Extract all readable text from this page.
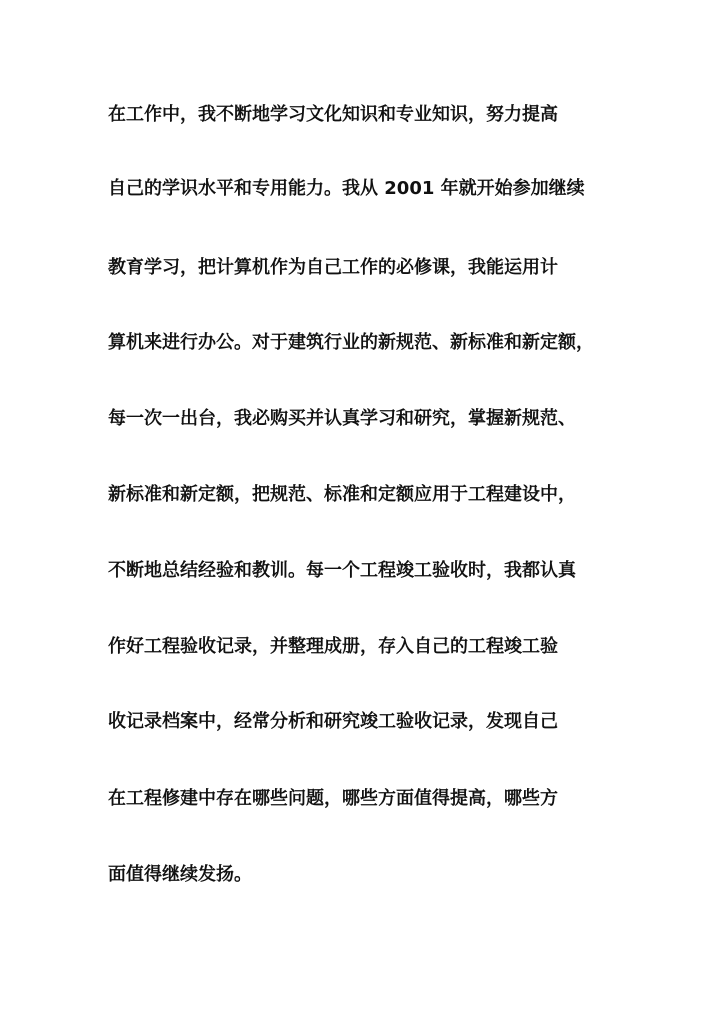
在工作中，我不断地学习文化知识和专业知识，努力提高
自己的学识水平和专用能力。我从 2001 年就开始参加继续
教育学习，把计算机作为自己工作的必修课，我能运用计
算机来进行办公。对于建筑行业的新规范、新标准和新定额，
每一次一出台，我必购买并认真学习和研究，掌握新规范、
新标准和新定额，把规范、标准和定额应用于工程建设中，
不断地总结经验和教训。每一个工程竣工验收时，我都认真
作好工程验收记录，并整理成册，存入自己的工程竣工验
收记录档案中，经常分析和研究竣工验收记录，发现自己
在工程修建中存在哪些问题，哪些方面值得提高，哪些方
面值得继续发扬。
